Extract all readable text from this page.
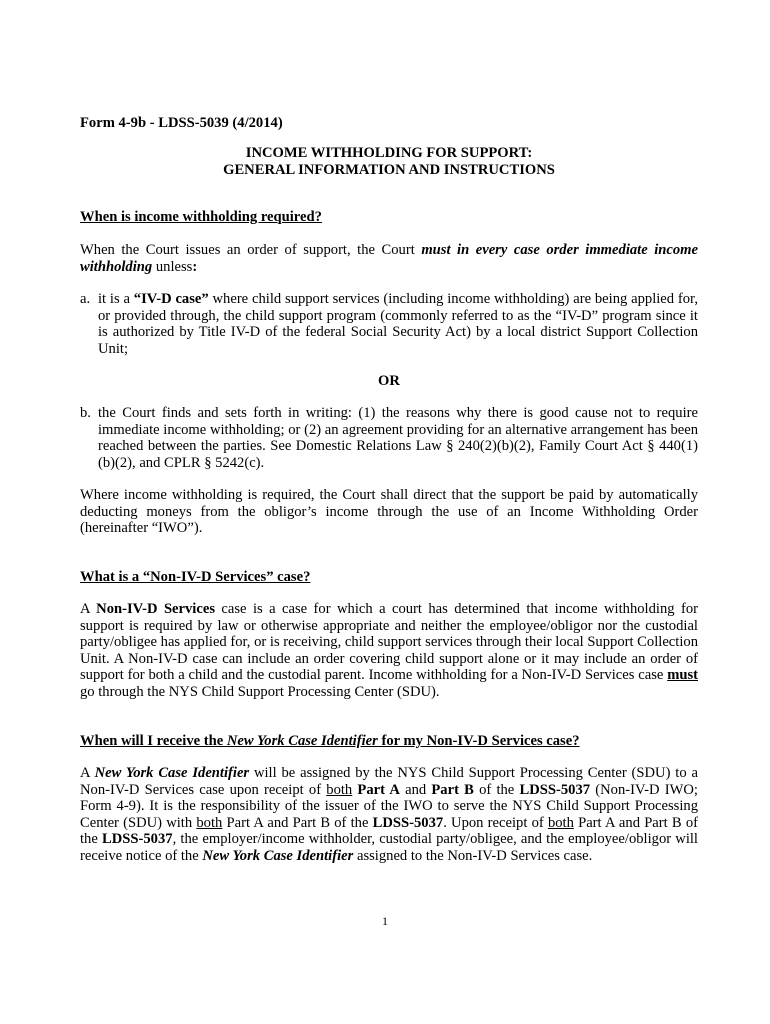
Form 4-9b - LDSS-5039 (4/2014)

INCOME WITHHOLDING FOR SUPPORT:
GENERAL INFORMATION AND INSTRUCTIONS

When is income withholding required?

When the Court issues an order of support, the Court must in every case order immediate income withholding unless:

a. it is a “IV-D case” where child support services (including income withholding) are being applied for, or provided through, the child support program (commonly referred to as the “IV-D” program since it is authorized by Title IV-D of the federal Social Security Act) by a local district Support Collection Unit;

OR

b. the Court finds and sets forth in writing: (1) the reasons why there is good cause not to require immediate income withholding; or (2) an agreement providing for an alternative arrangement has been reached between the parties. See Domestic Relations Law § 240(2)(b)(2), Family Court Act § 440(1)(b)(2), and CPLR § 5242(c).

Where income withholding is required, the Court shall direct that the support be paid by automatically deducting moneys from the obligor’s income through the use of an Income Withholding Order (hereinafter “IWO”).

What is a “Non-IV-D Services” case?

A Non-IV-D Services case is a case for which a court has determined that income withholding for support is required by law or otherwise appropriate and neither the employee/obligor nor the custodial party/obligee has applied for, or is receiving, child support services through their local Support Collection Unit. A Non-IV-D case can include an order covering child support alone or it may include an order of support for both a child and the custodial parent. Income withholding for a Non-IV-D Services case must go through the NYS Child Support Processing Center (SDU).

When will I receive the New York Case Identifier for my Non-IV-D Services case?

A New York Case Identifier will be assigned by the NYS Child Support Processing Center (SDU) to a Non-IV-D Services case upon receipt of both Part A and Part B of the LDSS-5037 (Non-IV-D IWO; Form 4-9). It is the responsibility of the issuer of the IWO to serve the NYS Child Support Processing Center (SDU) with both Part A and Part B of the LDSS-5037. Upon receipt of both Part A and Part B of the LDSS-5037, the employer/income withholder, custodial party/obligee, and the employee/obligor will receive notice of the New York Case Identifier assigned to the Non-IV-D Services case.

1
